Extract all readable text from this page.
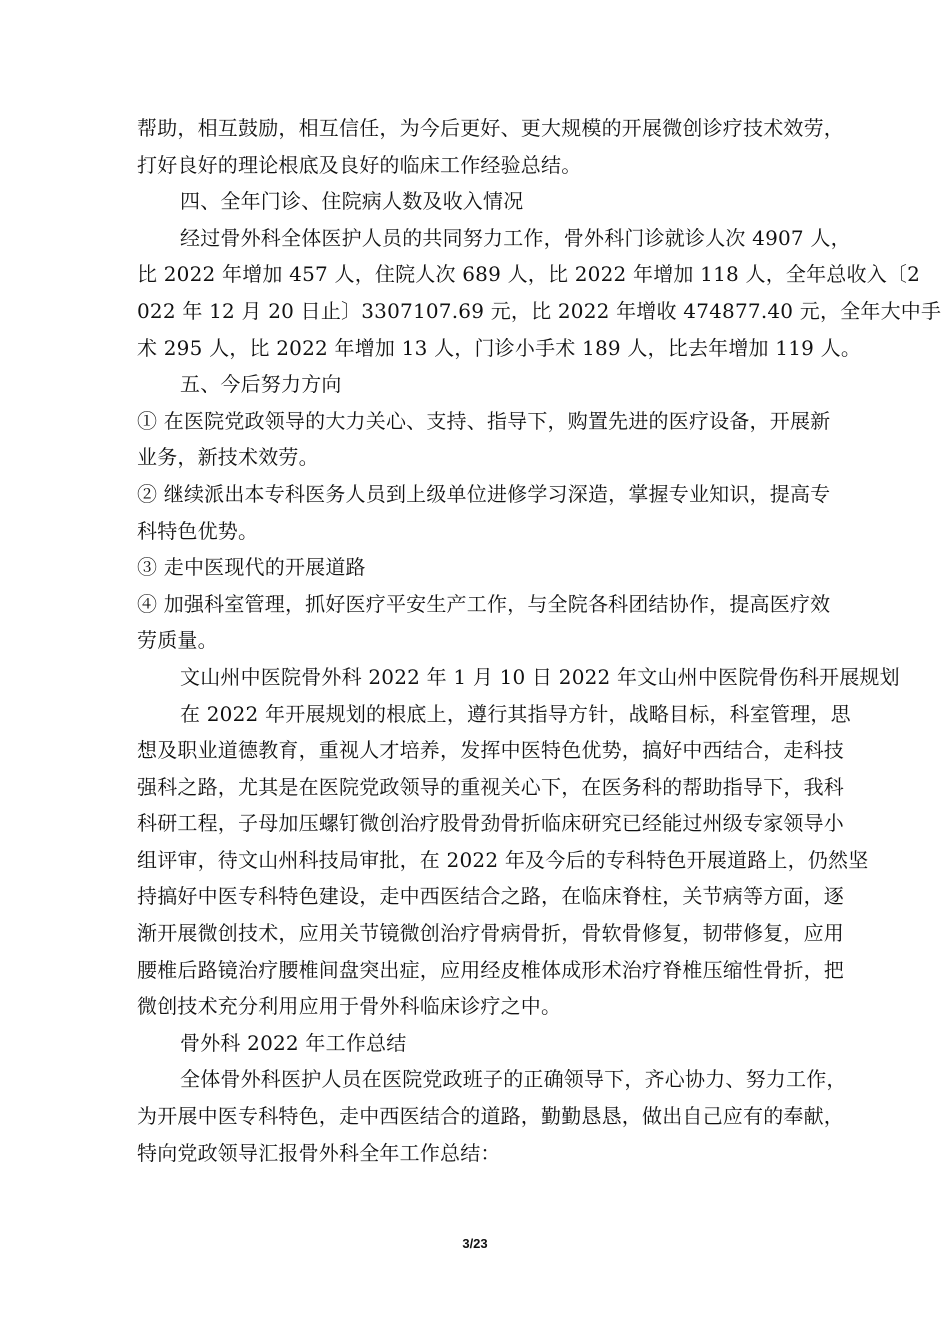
帮助，相互鼓励，相互信任，为今后更好、更大规模的开展微创诊疗技术效劳，
打好良好的理论根底及良好的临床工作经验总结。
四、全年门诊、住院病人数及收入情况
经过骨外科全体医护人员的共同努力工作，骨外科门诊就诊人次 4907 人，
比 2022 年增加 457 人，住院人次 689 人，比 2022 年增加 118 人，全年总收入〔2
022 年 12 月 20 日止〕3307107.69 元，比 2022 年增收 474877.40 元，全年大中手
术 295 人，比 2022 年增加 13 人，门诊小手术 189 人，比去年增加 119 人。
五、今后努力方向
① 在医院党政领导的大力关心、支持、指导下，购置先进的医疗设备，开展新
业务，新技术效劳。
② 继续派出本专科医务人员到上级单位进修学习深造，掌握专业知识，提高专
科特色优势。
③ 走中医现代的开展道路
④ 加强科室管理，抓好医疗平安生产工作，与全院各科团结协作，提高医疗效
劳质量。
文山州中医院骨外科 2022 年 1 月 10 日 2022 年文山州中医院骨伤科开展规划
在 2022 年开展规划的根底上，遵行其指导方针，战略目标，科室管理，思
想及职业道德教育，重视人才培养，发挥中医特色优势，搞好中西结合，走科技
强科之路，尤其是在医院党政领导的重视关心下，在医务科的帮助指导下，我科
科研工程，子母加压螺钉微创治疗股骨劲骨折临床研究已经能过州级专家领导小
组评审，待文山州科技局审批，在 2022 年及今后的专科特色开展道路上，仍然坚
持搞好中医专科特色建设，走中西医结合之路，在临床脊柱，关节病等方面，逐
渐开展微创技术，应用关节镜微创治疗骨病骨折，骨软骨修复，韧带修复，应用
腰椎后路镜治疗腰椎间盘突出症，应用经皮椎体成形术治疗脊椎压缩性骨折，把
微创技术充分利用应用于骨外科临床诊疗之中。
骨外科 2022 年工作总结
全体骨外科医护人员在医院党政班子的正确领导下，齐心协力、努力工作，
为开展中医专科特色，走中西医结合的道路，勤勤恳恳，做出自己应有的奉献，
特向党政领导汇报骨外科全年工作总结：
3/23
